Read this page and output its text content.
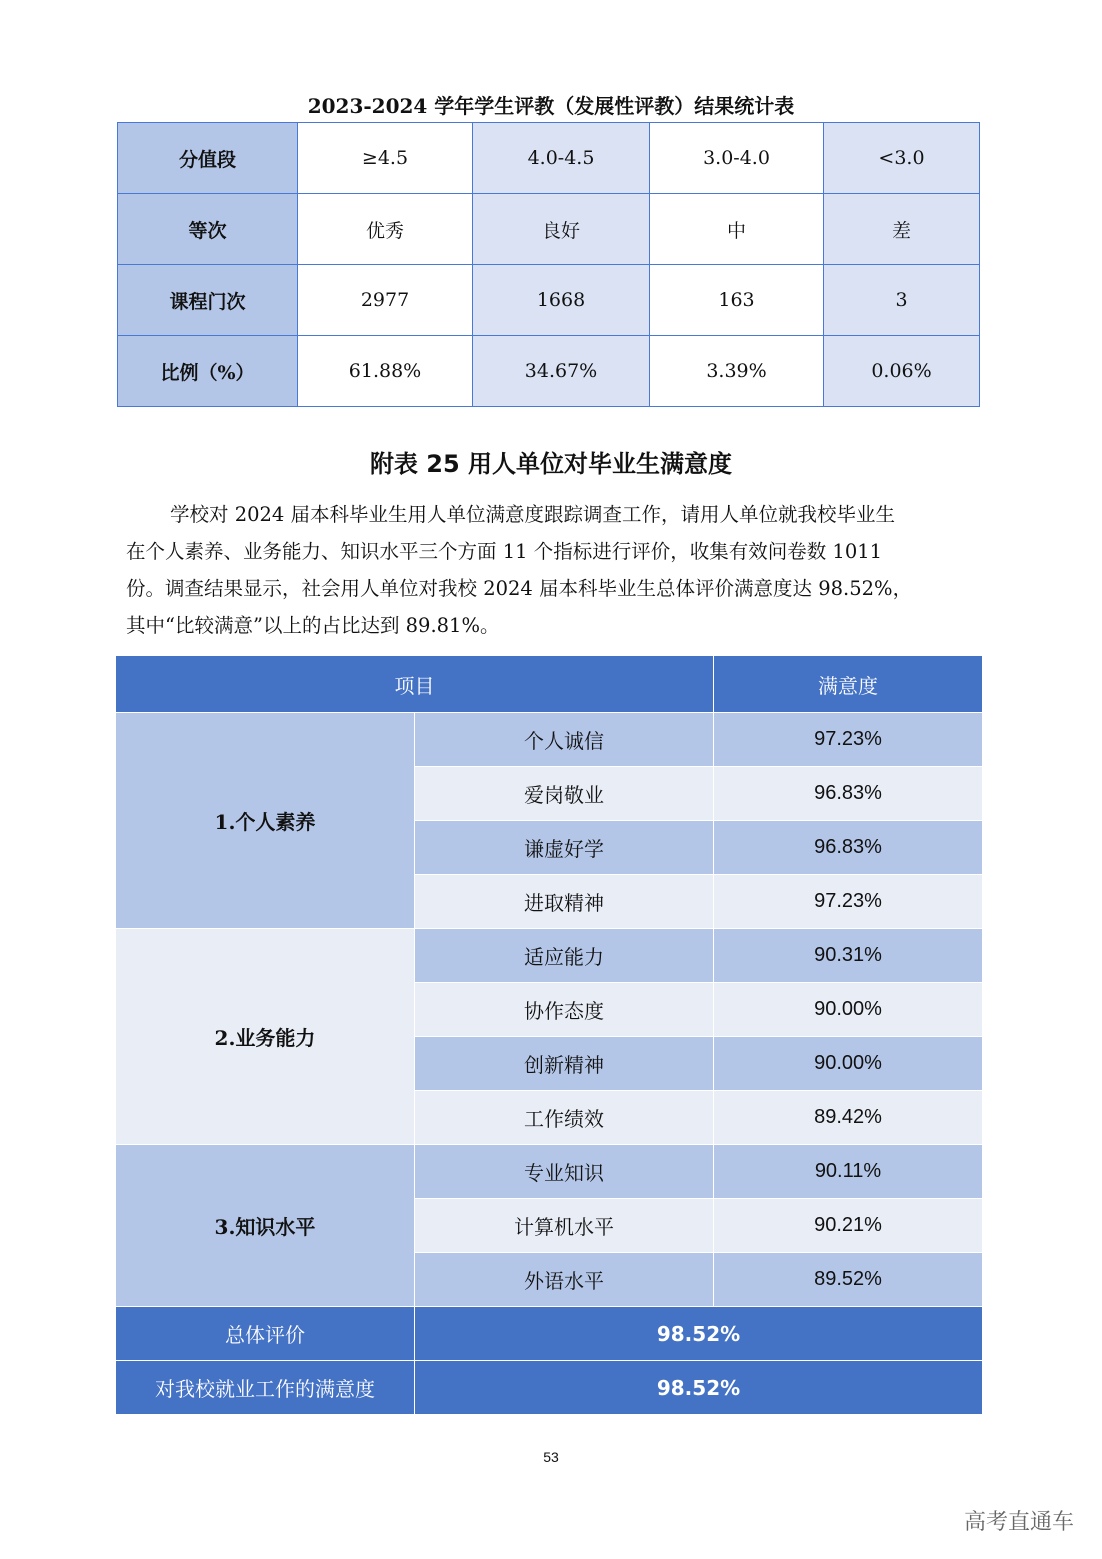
2023-2024 学年学生评教（发展性评教）结果统计表
分值段	≥4.5	4.0-4.5	3.0-4.0	<3.0
等次	优秀	良好	中	差
课程门次	2977	1668	163	3
比例（%）	61.88%	34.67%	3.39%	0.06%
附表 25 用人单位对毕业生满意度
学校对 2024 届本科毕业生用人单位满意度跟踪调查工作，请用人单位就我校毕业生
在个人素养、业务能力、知识水平三个方面 11 个指标进行评价，收集有效问卷数 1011
份。调查结果显示，社会用人单位对我校 2024 届本科毕业生总体评价满意度达 98.52%，
其中“比较满意”以上的占比达到 89.81%。
项目		满意度
1.个人素养	个人诚信	97.23%
	爱岗敬业	96.83%
	谦虚好学	96.83%
	进取精神	97.23%
2.业务能力	适应能力	90.31%
	协作态度	90.00%
	创新精神	90.00%
	工作绩效	89.42%
3.知识水平	专业知识	90.11%
	计算机水平	90.21%
	外语水平	89.52%
总体评价	98.52%	
对我校就业工作的满意度	98.52%	
53
高考直通车
